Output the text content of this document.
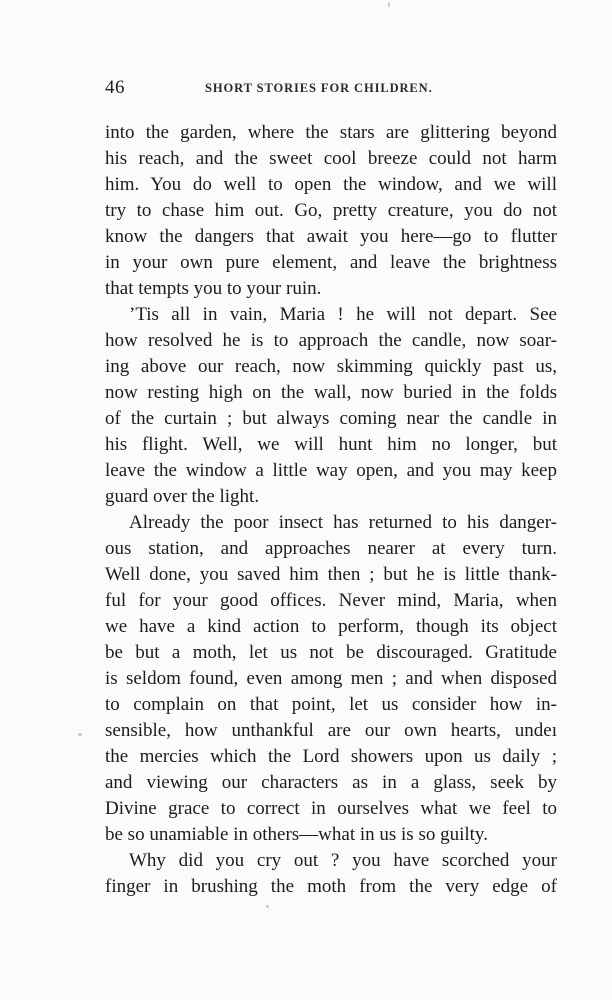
46	SHORT STORIES FOR CHILDREN.
into the garden, where the stars are glittering beyond
his reach, and the sweet cool breeze could not harm
him. You do well to open the window, and we will
try to chase him out. Go, pretty creature, you do not
know the dangers that await you here—go to flutter
in your own pure element, and leave the brightness
that tempts you to your ruin.
’Tis all in vain, Maria ! he will not depart. See
how resolved he is to approach the candle, now soar-
ing above our reach, now skimming quickly past us,
now resting high on the wall, now buried in the folds
of the curtain ; but always coming near the candle in
his flight. Well, we will hunt him no longer, but
leave the window a little way open, and you may keep
guard over the light.
Already the poor insect has returned to his danger-
ous station, and approaches nearer at every turn.
Well done, you saved him then ; but he is little thank-
ful for your good offices. Never mind, Maria, when
we have a kind action to perform, though its object
be but a moth, let us not be discouraged. Gratitude
is seldom found, even among men ; and when disposed
to complain on that point, let us consider how in-
sensible, how unthankful are our own hearts, undeı
the mercies which the Lord showers upon us daily ;
and viewing our characters as in a glass, seek by
Divine grace to correct in ourselves what we feel to
be so unamiable in others—what in us is so guilty.
Why did you cry out ? you have scorched your
finger in brushing the moth from the very edge of
